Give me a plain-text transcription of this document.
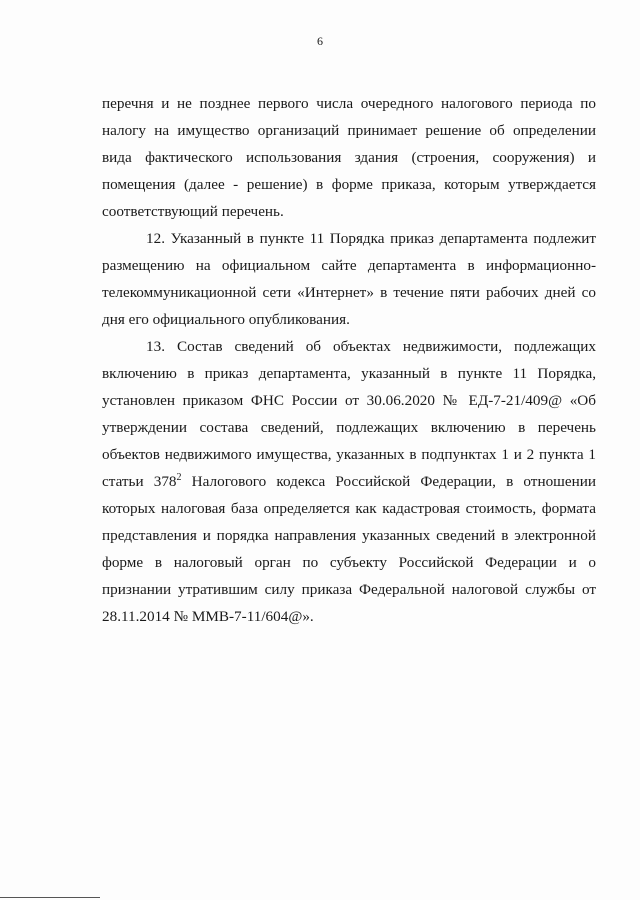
6

перечня и не позднее первого числа очередного налогового периода по налогу на имущество организаций принимает решение об определении вида фактического использования здания (строения, сооружения) и помещения (далее - решение) в форме приказа, которым утверждается соответствующий перечень.

12. Указанный в пункте 11 Порядка приказ департамента подлежит размещению на официальном сайте департамента в информационно-телекоммуникационной сети «Интернет» в течение пяти рабочих дней со дня его официального опубликования.

13. Состав сведений об объектах недвижимости, подлежащих включению в приказ департамента, указанный в пункте 11 Порядка, установлен приказом ФНС России от 30.06.2020 № ЕД-7-21/409@ «Об утверждении состава сведений, подлежащих включению в перечень объектов недвижимого имущества, указанных в подпунктах 1 и 2 пункта 1 статьи $378^2$ Налогового кодекса Российской Федерации, в отношении которых налоговая база определяется как кадастровая стоимость, формата представления и порядка направления указанных сведений в электронной форме в налоговый орган по субъекту Российской Федерации и о признании утратившим силу приказа Федеральной налоговой службы от 28.11.2014 № ММВ-7-11/604@».
